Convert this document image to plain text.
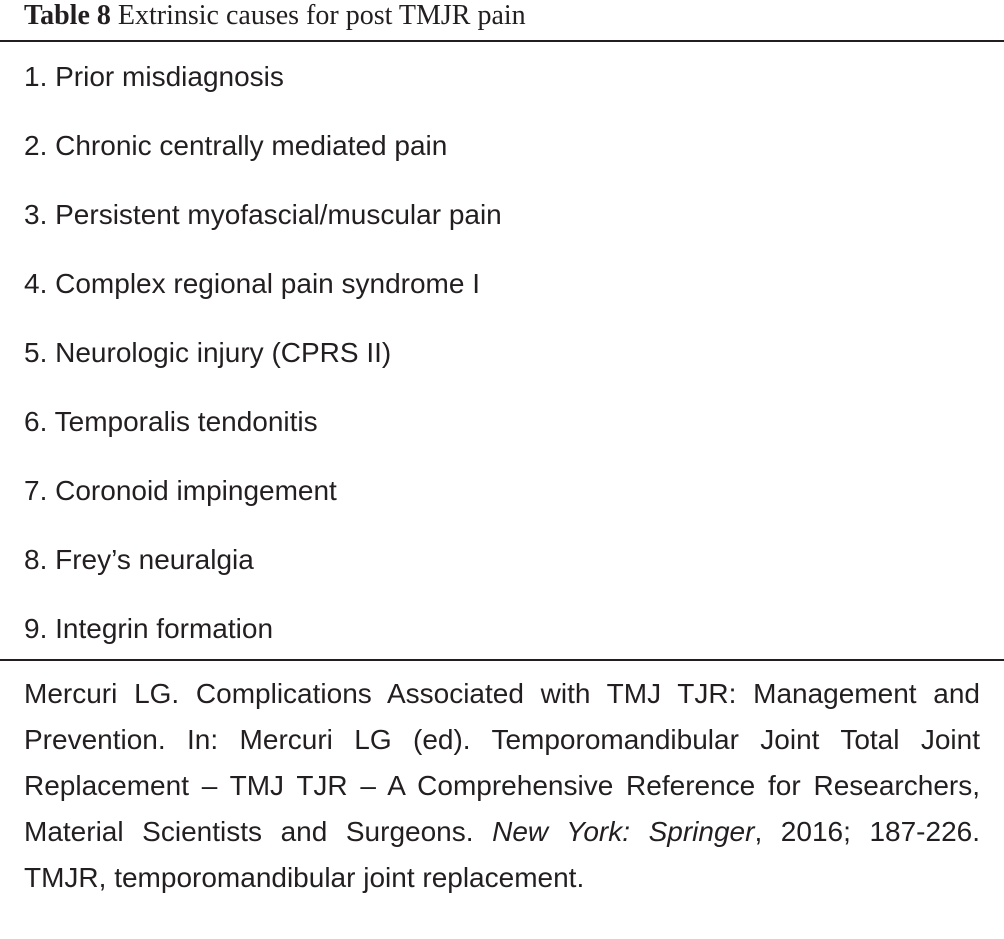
Table 8 Extrinsic causes for post TMJR pain
1. Prior misdiagnosis
2. Chronic centrally mediated pain
3. Persistent myofascial/muscular pain
4. Complex regional pain syndrome I
5. Neurologic injury (CPRS II)
6. Temporalis tendonitis
7. Coronoid impingement
8. Frey’s neuralgia
9. Integrin formation

Mercuri LG. Complications Associated with TMJ TJR: Management and Prevention. In: Mercuri LG (ed). Temporomandibular Joint Total Joint Replacement – TMJ TJR – A Comprehensive Reference for Researchers, Material Scientists and Surgeons. New York: Springer, 2016; 187-226. TMJR, temporomandibular joint replacement.
